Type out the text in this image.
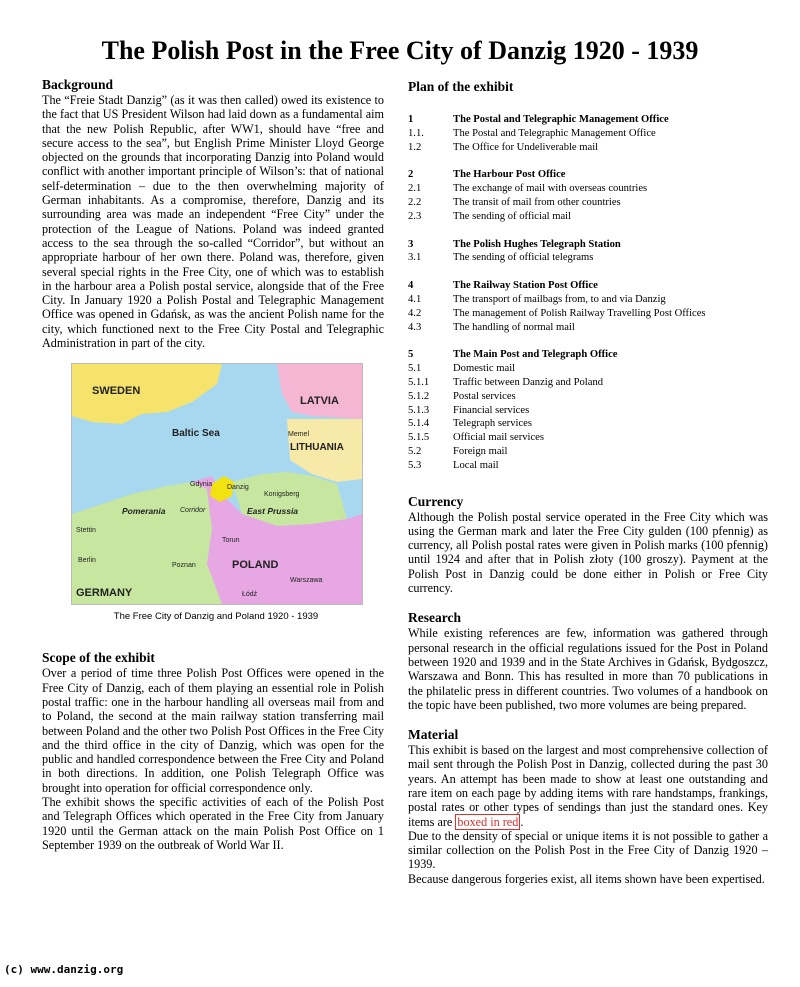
The Polish Post in the Free City of Danzig 1920 - 1939

Background

The “Freie Stadt Danzig” (as it was then called) owed its existence to the fact that US President Wilson had laid down as a fundamental aim that the new Polish Republic, after WW1, should have “free and secure access to the sea”, but English Prime Minister Lloyd George objected on the grounds that incorporating Danzig into Poland would conflict with another important principle of Wilson’s: that of national self-determination – due to the then overwhelming majority of German inhabitants. As a compromise, therefore, Danzig and its surrounding area was made an independent “Free City” under the protection of the League of Nations. Poland was indeed granted access to the sea through the so-called “Corridor”, but without an appropriate harbour of her own there. Poland was, therefore, given several special rights in the Free City, one of which was to establish in the harbour area a Polish postal service, alongside that of the Free City. In January 1920 a Polish Postal and Telegraphic Management Office was opened in Gdańsk, as was the ancient Polish name for the city, which functioned next to the Free City Postal and Telegraphic Administration in part of the city.

SWEDEN
LATVIA
Baltic Sea	Memel
LITHUANIA
Gdynia Danzig
Konigsberg
Pomerania Corridor	East Prussia
Stettin
Torun
Berlin
Poznan	POLAND
GERMANY
Warszawa
Łódź
The Free City of Danzig and Poland 1920 - 1939

Scope of the exhibit

Over a period of time three Polish Post Offices were opened in the Free City of Danzig, each of them playing an essential role in Polish postal traffic: one in the harbour handling all overseas mail from and to Poland, the second at the main railway station transferring mail between Poland and the other two Polish Post Offices in the Free City and the third office in the city of Danzig, which was open for the public and handled correspondence between the Free City and Poland in both directions. In addition, one Polish Telegraph Office was brought into operation for official correspondence only.

The exhibit shows the specific activities of each of the Polish Post and Telegraph Offices which operated in the Free City from January 1920 until the German attack on the main Polish Post Office on 1 September 1939 on the outbreak of World War II.

Plan of the exhibit

1	The Postal and Telegraphic Management Office
1.1.	The Postal and Telegraphic Management Office
1.2	The Office for Undeliverable mail
2	The Harbour Post Office
2.1	The exchange of mail with overseas countries
2.2	The transit of mail from other countries
2.3	The sending of official mail
3	The Polish Hughes Telegraph Station
3.1	The sending of official telegrams
4	The Railway Station Post Office
4.1	The transport of mailbags from, to and via Danzig
4.2	The management of Polish Railway Travelling Post Offices
4.3	The handling of normal mail
5	The Main Post and Telegraph Office
5.1	Domestic mail
5.1.1	Traffic between Danzig and Poland
5.1.2	Postal services
5.1.3	Financial services
5.1.4	Telegraph services
5.1.5	Official mail services
5.2	Foreign mail
5.3	Local mail

Currency

Although the Polish postal service operated in the Free City which was using the German mark and later the Free City gulden (100 pfennig) as currency, all Polish postal rates were given in Polish marks (100 pfennig) until 1924 and after that in Polish złoty (100 groszy). Payment at the Polish Post in Danzig could be done either in Polish or Free City currency.

Research

While existing references are few, information was gathered through personal research in the official regulations issued for the Post in Poland between 1920 and 1939 and in the State Archives in Gdańsk, Bydgoszcz, Warszawa and Bonn. This has resulted in more than 70 publications in the philatelic press in different countries. Two volumes of a handbook on the topic have been published, two more volumes are being prepared.

Material

This exhibit is based on the largest and most comprehensive collection of mail sent through the Polish Post in Danzig, collected during the past 30 years. An attempt has been made to show at least one outstanding and rare item on each page by adding items with rare handstamps, frankings, postal rates or other types of sendings than just the standard ones. Key items are boxed in red .

Due to the density of special or unique items it is not possible to gather a similar collection on the Polish Post in the Free City of Danzig 1920 – 1939.

Because dangerous forgeries exist, all items shown have been expertised.

(c) www.danzig.org
